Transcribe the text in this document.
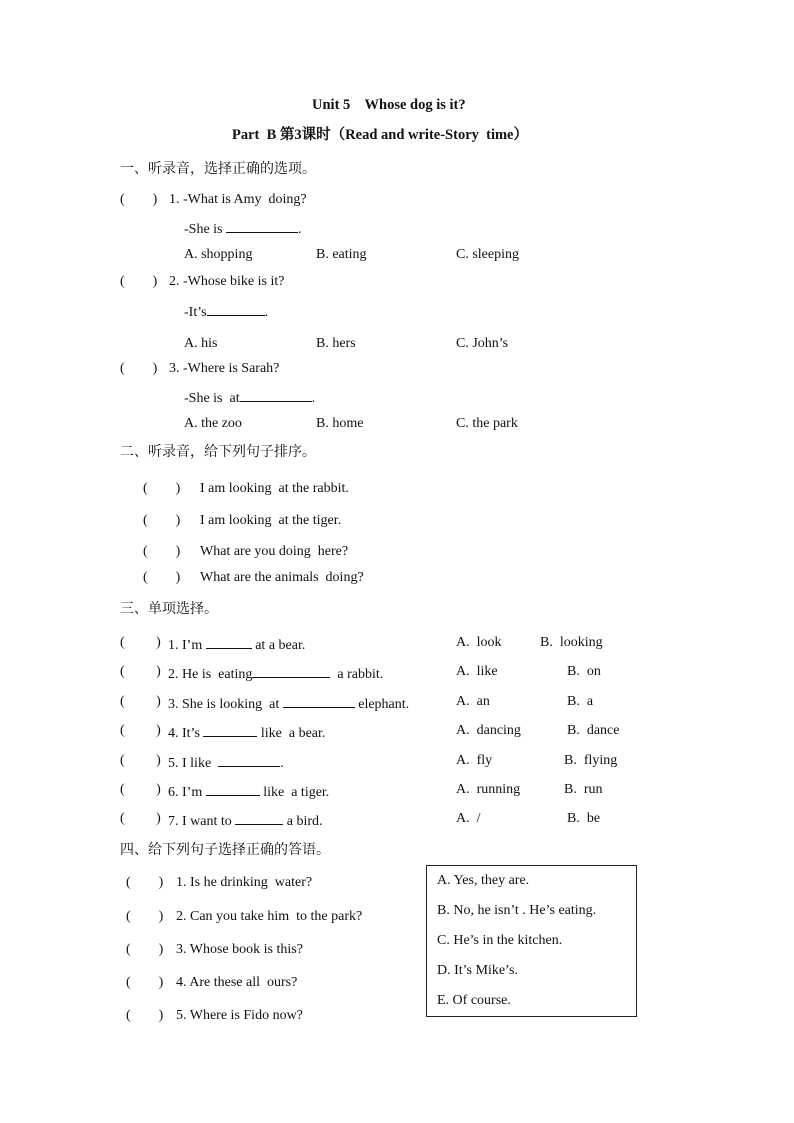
Unit 5    Whose dog is it?
Part  B 第3课时（Read and write-Story  time）
一、听录音，选择正确的选项。
(        ) 1. -What is Amy  doing?
-She is	.
A. shopping	B. eating	C. sleeping
(        ) 2. -Whose bike is it?
-It’s	.
A. his	B. hers	C. John’s
(        ) 3. -Where is Sarah?
-She is  at	.
A. the zoo	B. home	C. the park
二、听录音，给下列句子排序。
(        ) I am looking  at the rabbit.
(        ) I am looking  at the tiger.
(        ) What are you doing  here?
(        ) What are the animals  doing?
三、单项选择。
(         ) 1. I’m	at a bear.	A.  look	B.  looking
(         ) 2. He is  eating	a rabbit.	A.  like	B.  on
(         ) 3. She is looking  at	elephant.	A.  an	B.  a
(         ) 4. It’s	like  a bear.	A.  dancing	B.  dance
(         ) 5. I like	.	A.  fly	B.  flying
(         ) 6. I’m	like  a tiger.	A.  running	B.  run
(         ) 7. I want to	a bird.	A.  /	B.  be
四、给下列句子选择正确的答语。
(        ) 1. Is he drinking  water?
(        ) 2. Can you take him  to the park?
(        ) 3. Whose book is this?
(        ) 4. Are these all  ours?
(        ) 5. Where is Fido now?
A. Yes, they are.
B. No, he isn’t . He’s eating.
C. He’s in the kitchen.
D. It’s Mike’s.
E. Of course.
